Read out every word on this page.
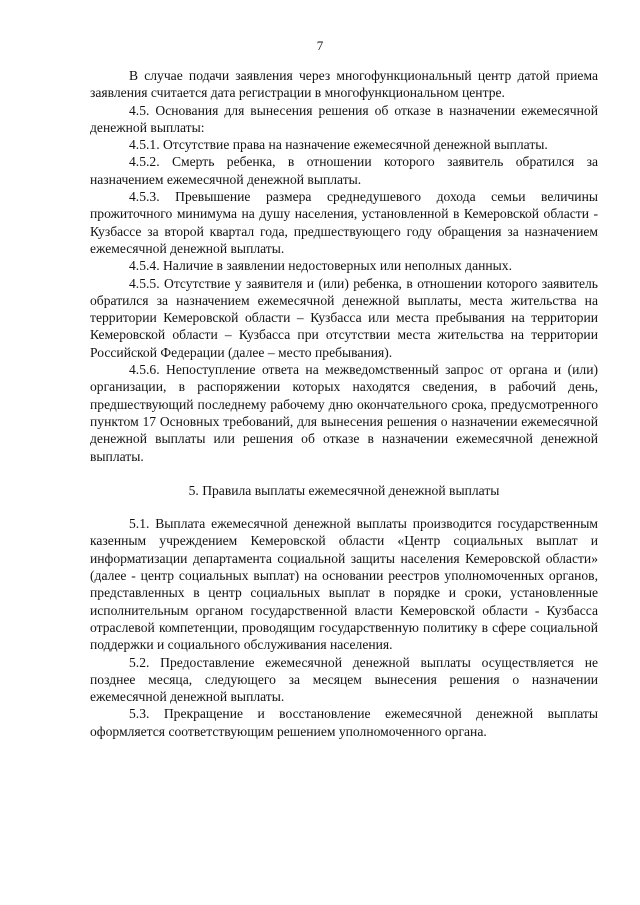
7

В случае подачи заявления через многофункциональный центр датой приема заявления считается дата регистрации в многофункциональном центре.

4.5. Основания для вынесения решения об отказе в назначении ежемесячной денежной выплаты:

4.5.1. Отсутствие права на назначение ежемесячной денежной выплаты.

4.5.2. Смерть ребенка, в отношении которого заявитель обратился за назначением ежемесячной денежной выплаты.

4.5.3. Превышение размера среднедушевого дохода семьи величины прожиточного минимума на душу населения, установленной в Кемеровской области - Кузбассе за второй квартал года, предшествующего году обращения за назначением ежемесячной денежной выплаты.

4.5.4. Наличие в заявлении недостоверных или неполных данных.

4.5.5. Отсутствие у заявителя и (или) ребенка, в отношении которого заявитель обратился за назначением ежемесячной денежной выплаты, места жительства на территории Кемеровской области – Кузбасса или места пребывания на территории Кемеровской области – Кузбасса при отсутствии места жительства на территории Российской Федерации (далее – место пребывания).

4.5.6. Непоступление ответа на межведомственный запрос от органа и (или) организации, в распоряжении которых находятся сведения, в рабочий день, предшествующий последнему рабочему дню окончательного срока, предусмотренного пунктом 17 Основных требований, для вынесения решения о назначении ежемесячной денежной выплаты или решения об отказе в назначении ежемесячной денежной выплаты.

5. Правила выплаты ежемесячной денежной выплаты

5.1. Выплата ежемесячной денежной выплаты производится государственным казенным учреждением Кемеровской области «Центр социальных выплат и информатизации департамента социальной защиты населения Кемеровской области» (далее - центр социальных выплат) на основании реестров уполномоченных органов, представленных в центр социальных выплат в порядке и сроки, установленные исполнительным органом государственной власти Кемеровской области - Кузбасса отраслевой компетенции, проводящим государственную политику в сфере социальной поддержки и социального обслуживания населения.

5.2. Предоставление ежемесячной денежной выплаты осуществляется не позднее месяца, следующего за месяцем вынесения решения о назначении ежемесячной денежной выплаты.

5.3. Прекращение и восстановление ежемесячной денежной выплаты оформляется соответствующим решением уполномоченного органа.
